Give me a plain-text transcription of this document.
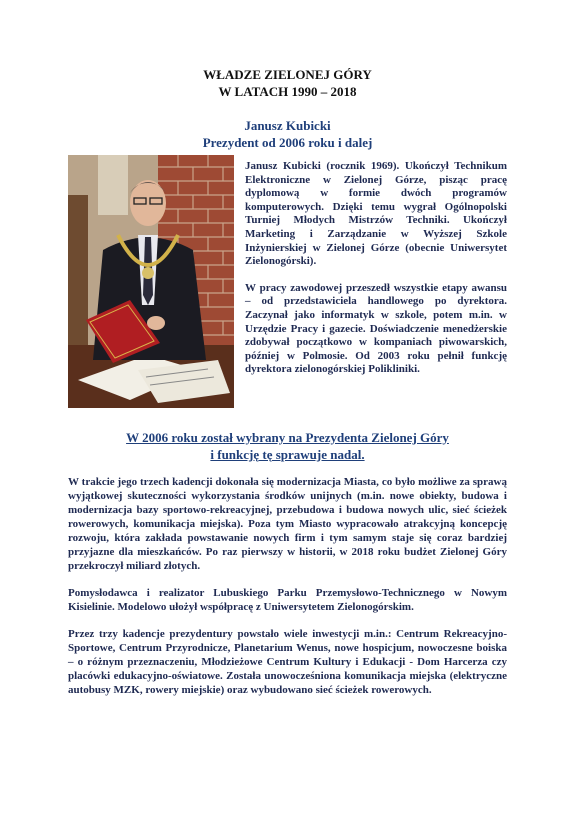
WŁADZE ZIELONEJ GÓRY
W LATACH 1990 – 2018
Janusz Kubicki
Prezydent od 2006 roku i dalej

Janusz Kubicki (rocznik 1969). Ukończył Technikum Elektroniczne w Zielonej Górze, pisząc pracę dyplomową w formie dwóch programów komputerowych. Dzięki temu wygrał Ogólnopolski Turniej Młodych Mistrzów Techniki. Ukończył Marketing i Zarządzanie w Wyższej Szkole Inżynierskiej w Zielonej Górze (obecnie Uniwersytet Zielonogórski).

W pracy zawodowej przeszedł wszystkie etapy awansu – od przedstawiciela handlowego po dyrektora. Zaczynał jako informatyk w szkole, potem m.in. w Urzędzie Pracy i gazecie. Doświadczenie menedżerskie zdobywał początkowo w kompaniach piwowarskich, później w Polmosie. Od 2003 roku pełnił funkcję dyrektora zielonogórskiej Polikliniki.

W 2006 roku został wybrany na Prezydenta Zielonej Góry
i funkcję tę sprawuje nadal.

W trakcie jego trzech kadencji dokonała się modernizacja Miasta, co było możliwe za sprawą wyjątkowej skuteczności wykorzystania środków unijnych (m.in. nowe obiekty, budowa i modernizacja bazy sportowo-rekreacyjnej, przebudowa i budowa nowych ulic, sieć ścieżek rowerowych, komunikacja miejska). Poza tym Miasto wypracowało atrakcyjną koncepcję rozwoju, która zakłada powstawanie nowych firm i tym samym staje się coraz bardziej przyjazne dla mieszkańców. Po raz pierwszy w historii, w 2018 roku budżet Zielonej Góry przekroczył miliard złotych.

Pomysłodawca i realizator Lubuskiego Parku Przemysłowo-Technicznego w Nowym Kisielinie. Modelowo ułożył współpracę z Uniwersytetem Zielonogórskim.

Przez trzy kadencje prezydentury powstało wiele inwestycji m.in.: Centrum Rekreacyjno-Sportowe, Centrum Przyrodnicze, Planetarium Wenus, nowe hospicjum, nowoczesne boiska – o różnym przeznaczeniu, Młodzieżowe Centrum Kultury i Edukacji - Dom Harcerza czy placówki edukacyjno-oświatowe. Została unowocześniona komunikacja miejska (elektryczne autobusy MZK, rowery miejskie) oraz wybudowano sieć ścieżek rowerowych.
